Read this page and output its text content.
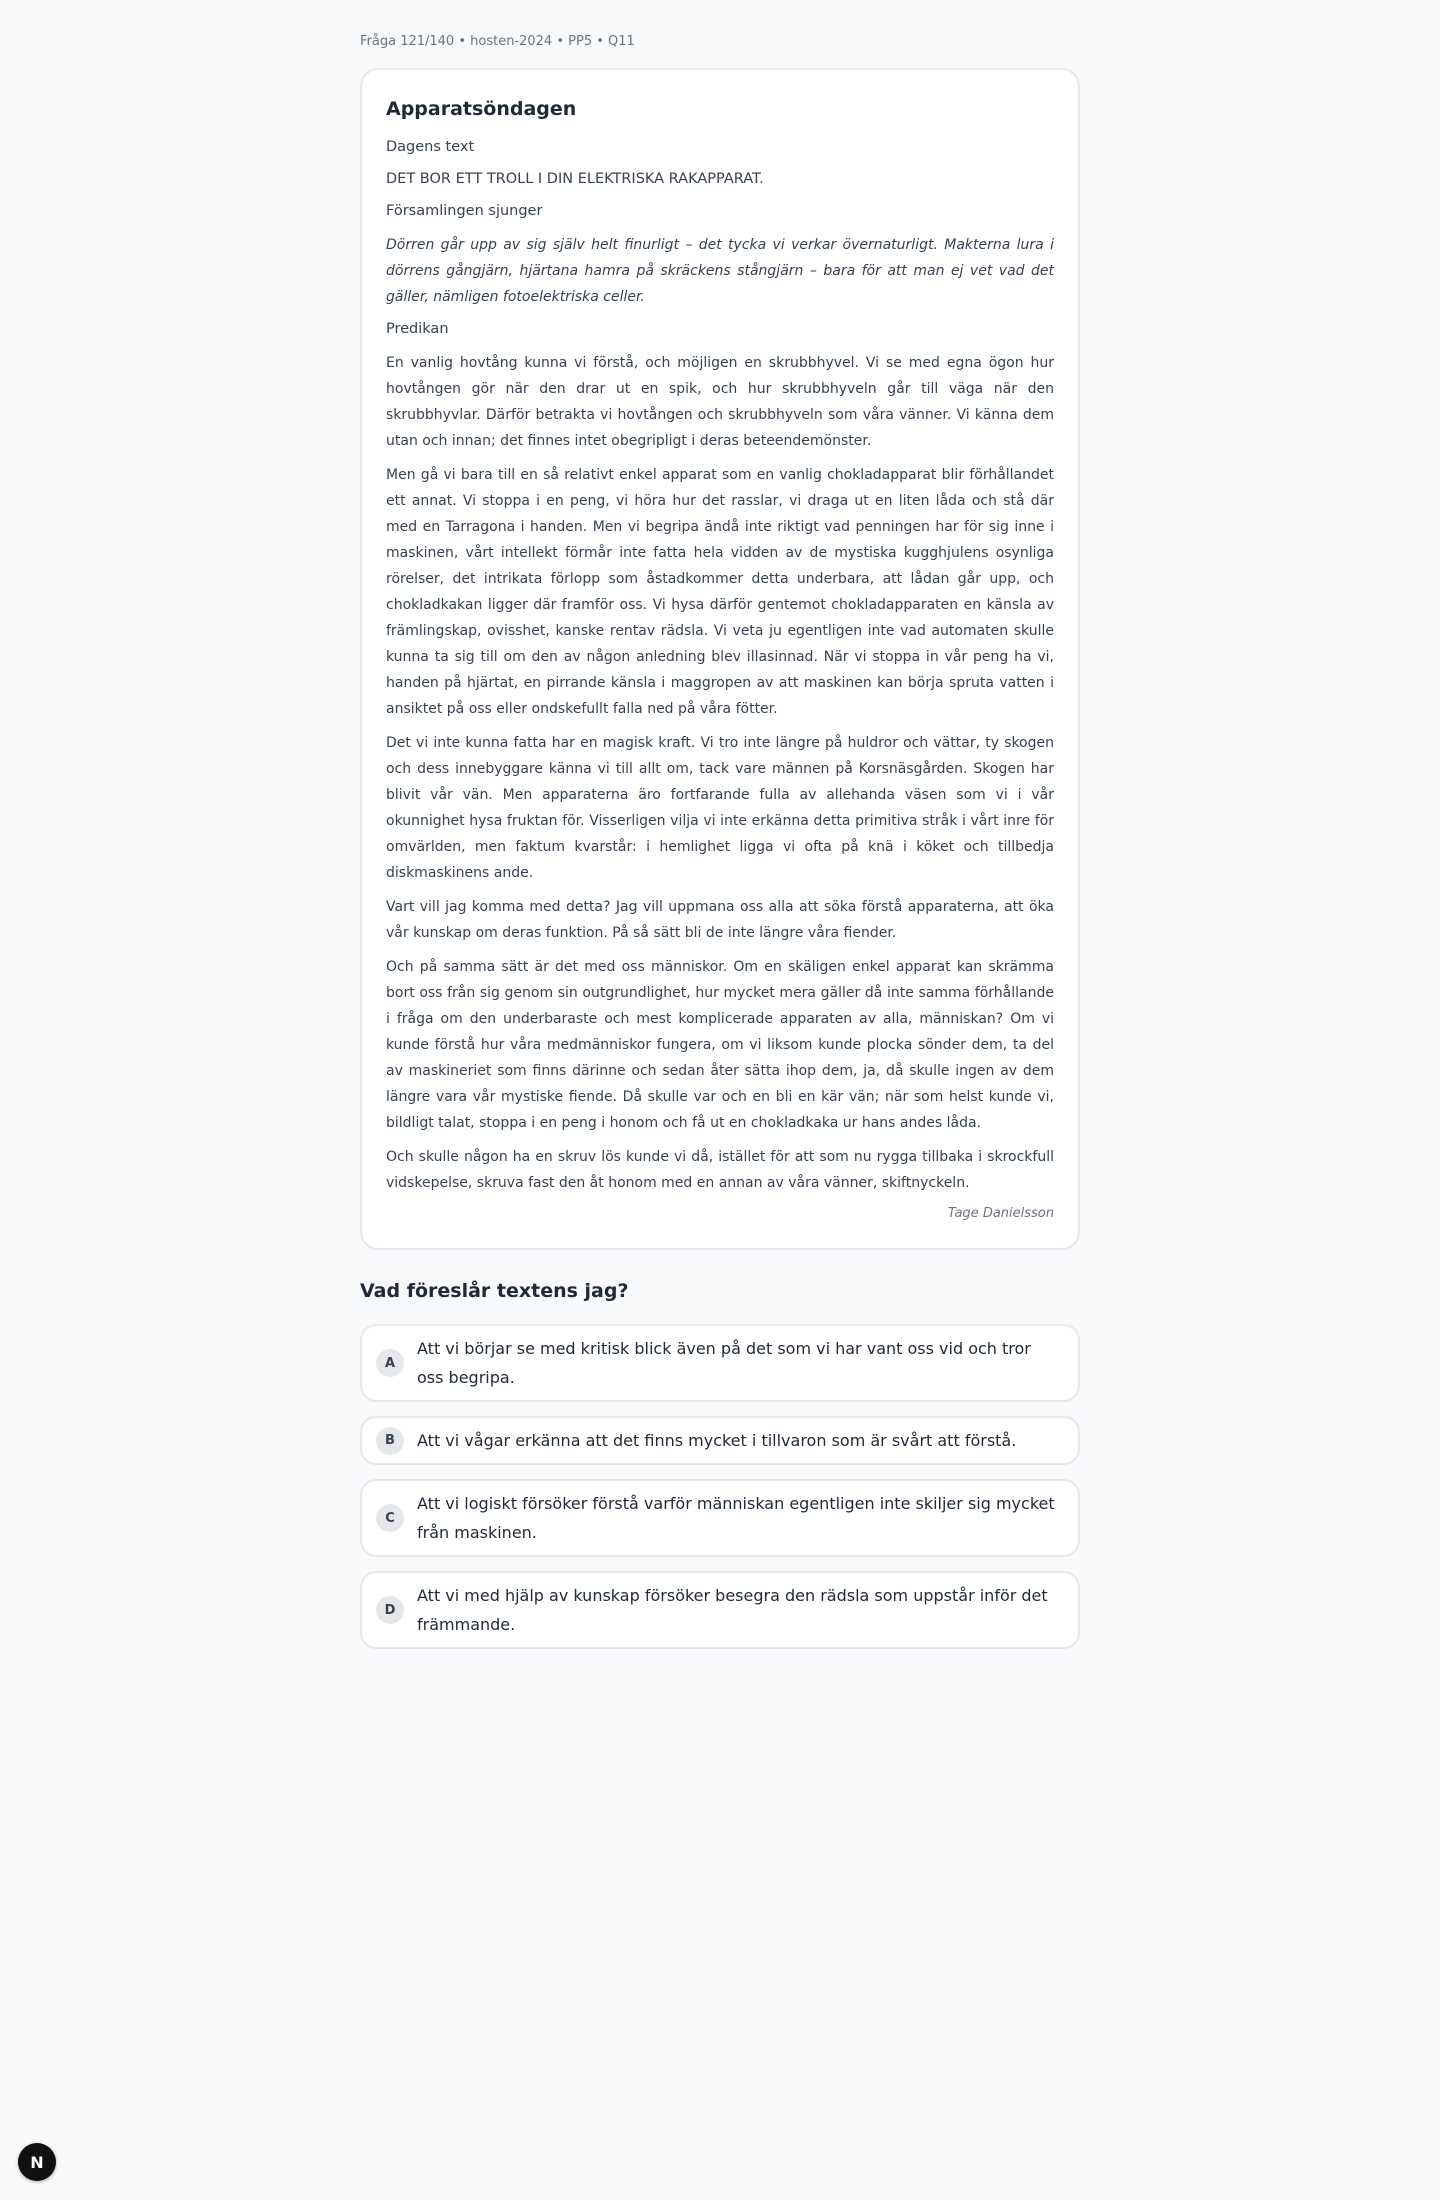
Fråga 121/140 • hosten-2024 • PP5 • Q11
Apparatsöndagen
Dagens text
DET BOR ETT TROLL I DIN ELEKTRISKA RAKAPPARAT.
Församlingen sjunger
Dörren går upp av sig själv helt finurligt – det tycka vi verkar övernaturligt. Makterna lura i dörrens gångjärn, hjärtana hamra på skräckens stångjärn – bara för att man ej vet vad det gäller, nämligen fotoelektriska celler.
Predikan
En vanlig hovtång kunna vi förstå, och möjligen en skrubbhyvel. Vi se med egna ögon hur hovtången gör när den drar ut en spik, och hur skrubbhyveln går till väga när den skrubbhyvlar. Därför betrakta vi hovtången och skrubbhyveln som våra vänner. Vi känna dem utan och innan; det finnes intet obegripligt i deras beteendemönster.
Men gå vi bara till en så relativt enkel apparat som en vanlig chokladapparat blir förhållandet ett annat. Vi stoppa i en peng, vi höra hur det rasslar, vi draga ut en liten låda och stå där med en Tarragona i handen. Men vi begripa ändå inte riktigt vad penningen har för sig inne i maskinen, vårt intellekt förmår inte fatta hela vidden av de mystiska kugghjulens osynliga rörelser, det intrikata förlopp som åstadkommer detta underbara, att lådan går upp, och chokladkakan ligger där framför oss. Vi hysa därför gentemot chokladapparaten en känsla av främlingskap, ovisshet, kanske rentav rädsla. Vi veta ju egentligen inte vad automaten skulle kunna ta sig till om den av någon anledning blev illasinnad. När vi stoppa in vår peng ha vi, handen på hjärtat, en pirrande känsla i maggropen av att maskinen kan börja spruta vatten i ansiktet på oss eller ondskefullt falla ned på våra fötter.
Det vi inte kunna fatta har en magisk kraft. Vi tro inte längre på huldror och vättar, ty skogen och dess innebyggare känna vi till allt om, tack vare männen på Korsnäsgården. Skogen har blivit vår vän. Men apparaterna äro fortfarande fulla av allehanda väsen som vi i vår okunnighet hysa fruktan för. Visserligen vilja vi inte erkänna detta primitiva stråk i vårt inre för omvärlden, men faktum kvarstår: i hemlighet ligga vi ofta på knä i köket och tillbedja diskmaskinens ande.
Vart vill jag komma med detta? Jag vill uppmana oss alla att söka förstå apparaterna, att öka vår kunskap om deras funktion. På så sätt bli de inte längre våra fiender.
Och på samma sätt är det med oss människor. Om en skäligen enkel apparat kan skrämma bort oss från sig genom sin outgrundlighet, hur mycket mera gäller då inte samma förhållande i fråga om den underbaraste och mest komplicerade apparaten av alla, människan? Om vi kunde förstå hur våra medmänniskor fungera, om vi liksom kunde plocka sönder dem, ta del av maskineriet som finns därinne och sedan åter sätta ihop dem, ja, då skulle ingen av dem längre vara vår mystiske fiende. Då skulle var och en bli en kär vän; när som helst kunde vi, bildligt talat, stoppa i en peng i honom och få ut en chokladkaka ur hans andes låda.
Och skulle någon ha en skruv lös kunde vi då, istället för att som nu rygga tillbaka i skrockfull vidskepelse, skruva fast den åt honom med en annan av våra vänner, skiftnyckeln.
Tage Danielsson
Vad föreslår textens jag?
A
Att vi börjar se med kritisk blick även på det som vi har vant oss vid och tror oss begripa.
B	Att vi vågar erkänna att det finns mycket i tillvaron som är svårt att förstå.
C
Att vi logiskt försöker förstå varför människan egentligen inte skiljer sig mycket från maskinen.
D
Att vi med hjälp av kunskap försöker besegra den rädsla som uppstår inför det främmande.
N
